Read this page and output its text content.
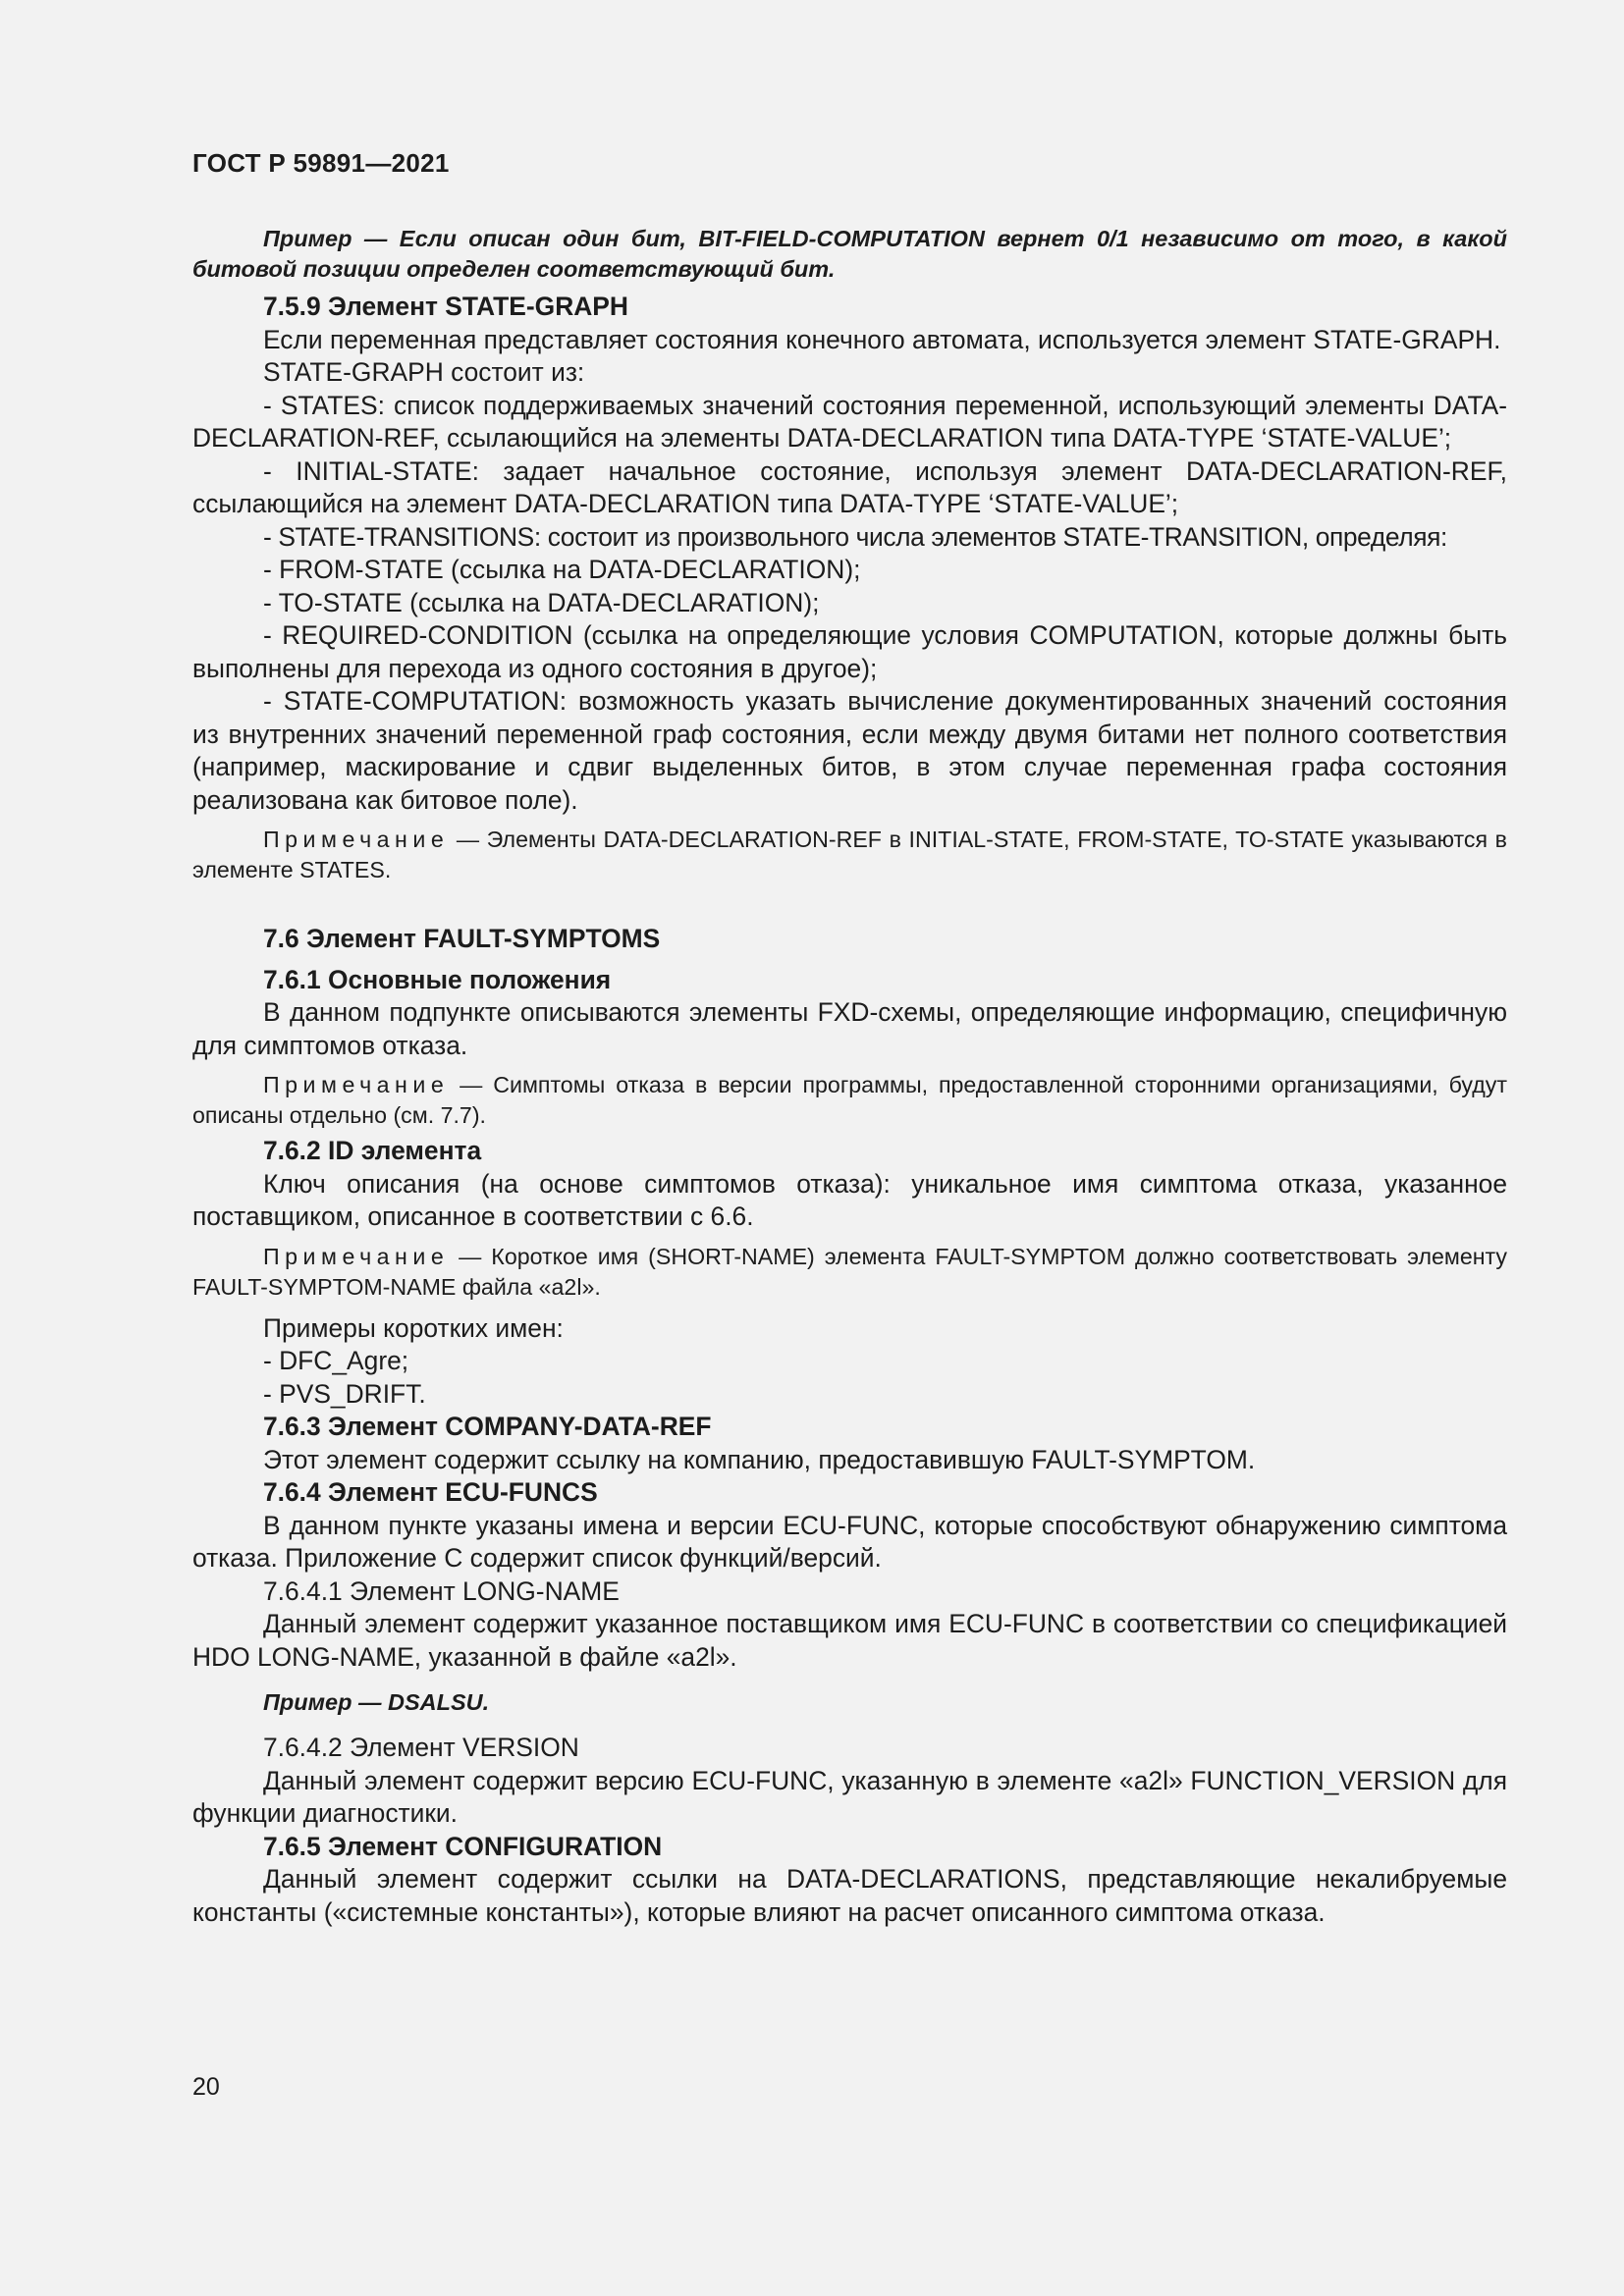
ГОСТ Р 59891—2021

Пример — Если описан один бит, BIT-FIELD-COMPUTATION вернет 0/1 независимо от того, в какой битовой позиции определен соответствующий бит.

7.5.9 Элемент STATE-GRAPH

Если переменная представляет состояния конечного автомата, используется элемент STATE-GRAPH.

STATE-GRAPH состоит из:

- STATES: список поддерживаемых значений состояния переменной, использующий элементы DATA-DECLARATION-REF, ссылающийся на элементы DATA-DECLARATION типа DATA-TYPE ‘STATE-VALUE’;

- INITIAL-STATE: задает начальное состояние, используя элемент DATA-DECLARATION-REF, ссылающийся на элемент DATA-DECLARATION типа DATA-TYPE ‘STATE-VALUE’;

- STATE-TRANSITIONS: состоит из произвольного числа элементов STATE-TRANSITION, определяя:

- FROM-STATE (ссылка на DATA-DECLARATION);

- TO-STATE (ссылка на DATA-DECLARATION);

- REQUIRED-CONDITION (ссылка на определяющие условия COMPUTATION, которые должны быть выполнены для перехода из одного состояния в другое);

- STATE-COMPUTATION: возможность указать вычисление документированных значений состояния из внутренних значений переменной граф состояния, если между двумя битами нет полного соответствия (например, маскирование и сдвиг выделенных битов, в этом случае переменная графа состояния реализована как битовое поле).

Примечание — Элементы DATA-DECLARATION-REF в INITIAL-STATE, FROM-STATE, TO-STATE указываются в элементе STATES.

7.6 Элемент FAULT-SYMPTOMS

7.6.1 Основные положения

В данном подпункте описываются элементы FXD-схемы, определяющие информацию, специфичную для симптомов отказа.

Примечание — Симптомы отказа в версии программы, предоставленной сторонними организациями, будут описаны отдельно (см. 7.7).

7.6.2 ID элемента

Ключ описания (на основе симптомов отказа): уникальное имя симптома отказа, указанное поставщиком, описанное в соответствии с 6.6.

Примечание — Короткое имя (SHORT-NAME) элемента FAULT-SYMPTOM должно соответствовать элементу FAULT-SYMPTOM-NAME файла «a2l».

Примеры коротких имен:

- DFC_Agre;

- PVS_DRIFT.

7.6.3 Элемент COMPANY-DATA-REF

Этот элемент содержит ссылку на компанию, предоставившую FAULT-SYMPTOM.

7.6.4 Элемент ECU-FUNCS

В данном пункте указаны имена и версии ECU-FUNC, которые способствуют обнаружению симптома отказа. Приложение С содержит список функций/версий.

7.6.4.1 Элемент LONG-NAME

Данный элемент содержит указанное поставщиком имя ECU-FUNC в соответствии со спецификацией HDO LONG-NAME, указанной в файле «a2l».

Пример — DSALSU.

7.6.4.2 Элемент VERSION

Данный элемент содержит версию ECU-FUNC, указанную в элементе «a2l» FUNCTION_VERSION для функции диагностики.

7.6.5 Элемент CONFIGURATION

Данный элемент содержит ссылки на DATA-DECLARATIONS, представляющие некалибруемые константы («системные константы»), которые влияют на расчет описанного симптома отказа.

20
